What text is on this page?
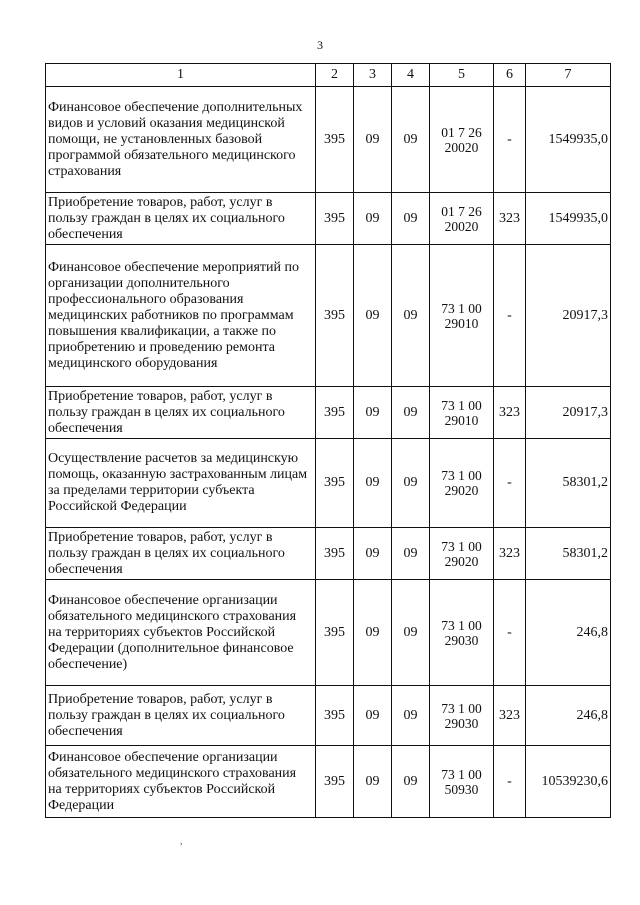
3
1	2	3	4	5	6	7
Финансовое обеспечение дополнительных видов и условий оказания медицинской помощи, не установленных базовой программой обязательного медицинского страхования	395	09	09	01 7 26 20020	-	1549935,0
Приобретение товаров, работ, услуг в пользу граждан в целях их социального обеспечения	395	09	09	01 7 26 20020	323	1549935,0
Финансовое обеспечение мероприятий по организации дополнительного профессионального образования медицинских работников по программам повышения квалификации, а также по приобретению и проведению ремонта медицинского оборудования	395	09	09	73 1 00 29010	-	20917,3
Приобретение товаров, работ, услуг в пользу граждан в целях их социального обеспечения	395	09	09	73 1 00 29010	323	20917,3
Осуществление расчетов за медицинскую помощь, оказанную застрахованным лицам за пределами территории субъекта Российской Федерации	395	09	09	73 1 00 29020	-	58301,2
Приобретение товаров, работ, услуг в пользу граждан в целях их социального обеспечения	395	09	09	73 1 00 29020	323	58301,2
Финансовое обеспечение организации обязательного медицинского страхования на территориях субъектов Российской Федерации (дополнительное финансовое обеспечение)	395	09	09	73 1 00 29030	-	246,8
Приобретение товаров, работ, услуг в пользу граждан в целях их социального обеспечения	395	09	09	73 1 00 29030	323	246,8
Финансовое обеспечение организации обязательного медицинского страхования на территориях субъектов Российской Федерации	395	09	09	73 1 00 50930	-	10539230,6
,
